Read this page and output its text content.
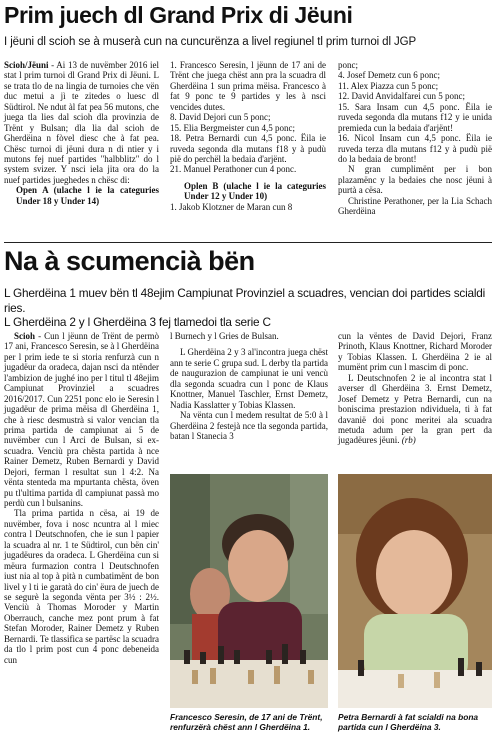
Prim juech dl Grand Prix di Jëuni
I jëuni dl scioh se à muserà cun na cuncurënza a livel regiunel tl prim turnoi dl JGP

Scioh/Jëuni - Ai 13 de nuvëmber 2016 iel stat l prim turnoi dl Grand Prix di Jëuni. L se trata tlo de na lingia de turnoies che vën duc metui a jì te zitedes o luesc dl Südtirol. Ne ndut àl fat pea 56 mutons, che juega tla lies dal scioh dla provinzia de Trënt y Bulsan; dla lia dal scioh de Gherdëina n fòvel diesc che à fat pea. Chësc turnoi di jëuni dura n di ntier y i mutons fej nuef partides "halbblitz" do l system svizer. Y nsci iela jita ora do la nuef partides jueghedes n chësc di:

Open A (ulache l ie la categuries Under 18 y Under 14)

1. Francesco Seresin, l jëunn de 17 ani de Trënt che juega chëst ann pra la scuadra dl Gherdëina 1 sun prima mëisa. Francesco à fat 9 ponc te 9 partides y les à nsci vencides dutes.

8. David Dejori cun 5 ponc;

15. Elia Bergmeister cun 4,5 ponc;

18. Petra Bernardi cun 4,5 ponc. Ëila ie ruveda segonda dla mutans f18 y à pudù pië do perchël la bedaia d'arjënt.

21. Manuel Perathoner cun 4 ponc.

Oplen B (ulache l ie la categuries Under 12 y Under 10)

1. Jakob Klotzner de Maran cun 8

ponc;

4. Josef Demetz cun 6 ponc;

11. Alex Piazza cun 5 ponc;

12. David Anvidalfarei cun 5 ponc;

15. Sara Insam cun 4,5 ponc. Ëila ie ruveda segonda dla mutans f12 y ie unida premieda cun la bedaia d'arjënt!

16. Nicol Insam cun 4,5 ponc. Ëila ie ruveda terza dla mutans f12 y à pudù pië do la bedaia de bront!

N gran cumplimënt per i bon plazamënc y la bedaies che nosc jëuni à purtà a cësa.

Christine Perathoner, per la Lia Schach Gherdëina

Na à scumencià bën
L Gherdëina 1 muev bën tl 48ejim Campiunat Provinziel a scuadres, vencian doi partides scialdi ries.
L Gherdëina 2 y l Gherdëina 3 fej tlamedoi tla serie C

Scioh - Cun l jëunn de Trënt de permò 17 ani, Francesco Seresin, se à l Gherdëina per l prim iede te si storia renfurzà cun n jugadëur da oradeca, dajan nsci da ntënder l'ambizion de jughé ino per l titul tl 48ejim Campiunat Provinziel a scuadres 2016/2017. Cun 2251 ponc elo ie Seresin l jugadëur de prima mëisa dl Gherdëina 1, che à riesc desmustrà si valor vencian tla prima partida de campiunat ai 5 de nuvëmber cun l Arci de Bulsan, si ex-scuadra. Venciù pra chësta partida à nce Rainer Demetz, Ruben Bernardi y David Dejori, ferman l resultat sun l 4:2. Na vënta stenteda ma mpurtanta chësta, öven pu tl'ultima partida dl campiunat passà mo perdù cun l bulsanins.

Tla prima partida n cësa, ai 19 de nuvëmber, fova i nosc ncuntra al l miec contra l Deutschnofen, che ie sun l papier la scuadra al nr. 1 te Südtirol, cun bën cin' jugadëures da oradeca. L Gherdëina cun si mëura furmazion contra l Deutschnofen iust nia al top à pità n cumbatimënt de bon livel y l ti ie garatà do cin' ëura de juech de se segurè la segonda vënta per 3½ : 2½. Venciù à Thomas Moroder y Martin Oberrauch, canche mez pont prum à fat Stefan Moroder, Rainer Demetz y Ruben Bernardi. Te tlassifica se partësc la scuadra da tlo l prim post cun 4 ponc debeneida cun

l Burnech y l Gries de Bulsan.

L Gherdëina 2 y 3 al'incontra juega chëst ann te serie C grupa sud. L derby tla partida de naugurazion de campiunat ie uni vencù dla segonda scuadra cun l ponc de Klaus Knottner, Manuel Taschler, Ernst Demetz, Nadia Kasslatter y Tobias Klassen.

Na vënta cun l medem resultat de 5:0 à l Gherdëina 2 festejà nce tla segonda partida, batan l Stanecia 3

cun la vëntes de David Dejori, Franz Prinoth, Klaus Knottner, Richard Moroder y Tobias Klassen. L Gherdëina 2 ie al mumënt prim cun l mascim di ponc.

L Deutschnofen 2 ie al incontra stat l averser dl Gherdëina 3. Ernst Demetz, Josef Demetz y Petra Bernardi, cun na boniscima prestazion ndividuela, ti à fat davanië doi ponc meritei ala scuadra metuda adum per la gran pert da jugadëures jëuni. (rb)

Francesco Seresin, de 17 ani de Trënt, renfurzërà chëst ann l Gherdëina 1.
Petra Bernardi à fat scialdi na bona partida cun l Gherdëina 3.
